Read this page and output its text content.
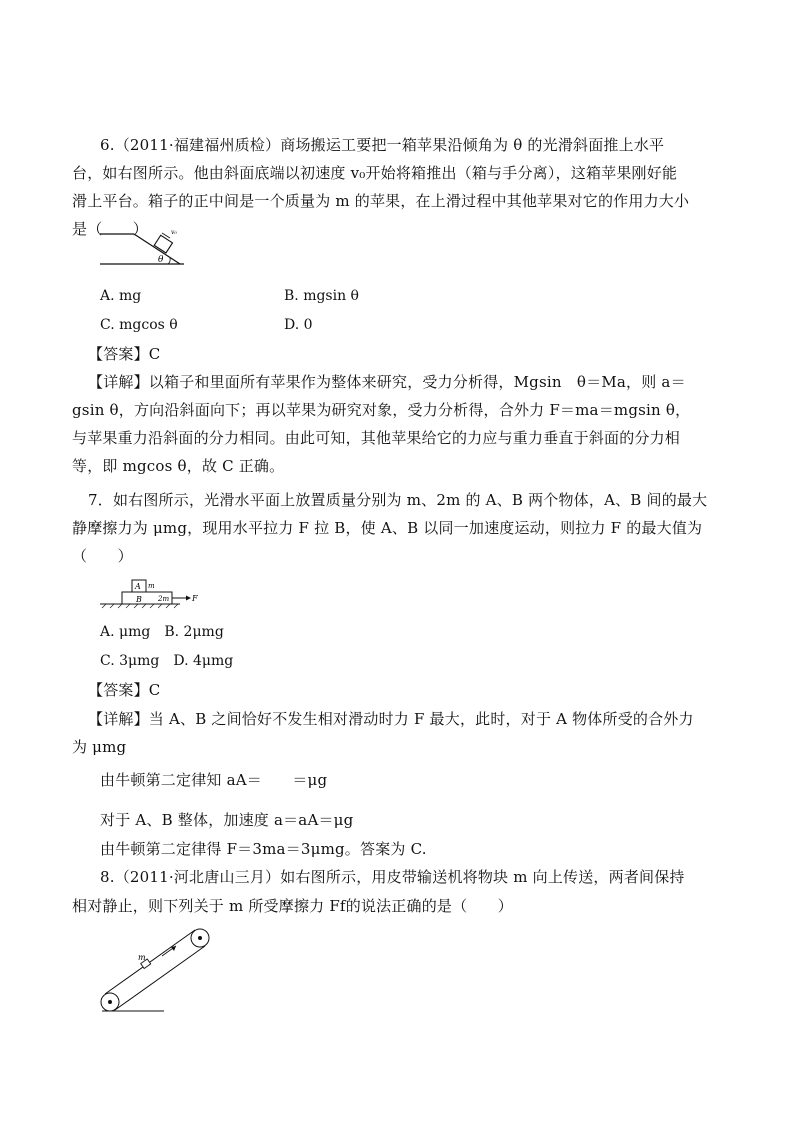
6.（2011·福建福州质检）商场搬运工要把一箱苹果沿倾角为 θ 的光滑斜面推上水平
台，如右图所示。他由斜面底端以初速度 v₀开始将箱推出（箱与手分离），这箱苹果刚好能
滑上平台。箱子的正中间是一个质量为 m 的苹果，在上滑过程中其他苹果对它的作用力大小
是（　　）	v₀
θ
A. mg	B. mgsin θ
C. mgcos θ	D. 0
【答案】C
【详解】以箱子和里面所有苹果作为整体来研究，受力分析得，Mgsin　θ＝Ma，则 a＝
gsin θ，方向沿斜面向下；再以苹果为研究对象，受力分析得，合外力 F＝ma＝mgsin θ，
与苹果重力沿斜面的分力相同。由此可知，其他苹果给它的力应与重力垂直于斜面的分力相
等，即 mgcos θ，故 C 正确。
7．如右图所示，光滑水平面上放置质量分别为 m、2m 的 A、B 两个物体，A、B 间的最大
静摩擦力为 μmg，现用水平拉力 F 拉 B，使 A、B 以同一加速度运动，则拉力 F 的最大值为
（　　）
A m
B 2m	F
A. μmg　B. 2μmg
C. 3μmg　D. 4μmg
【答案】C
【详解】当 A、B 之间恰好不发生相对滑动时力 F 最大，此时，对于 A 物体所受的合外力
为 μmg
由牛顿第二定律知 aA＝　　＝μg
对于 A、B 整体，加速度 a＝aA＝μg
由牛顿第二定律得 F＝3ma＝3μmg。答案为 C.
8.（2011·河北唐山三月）如右图所示，用皮带输送机将物块 m 向上传送，两者间保持
相对静止，则下列关于 m 所受摩擦力 Ff的说法正确的是（　　）
m
